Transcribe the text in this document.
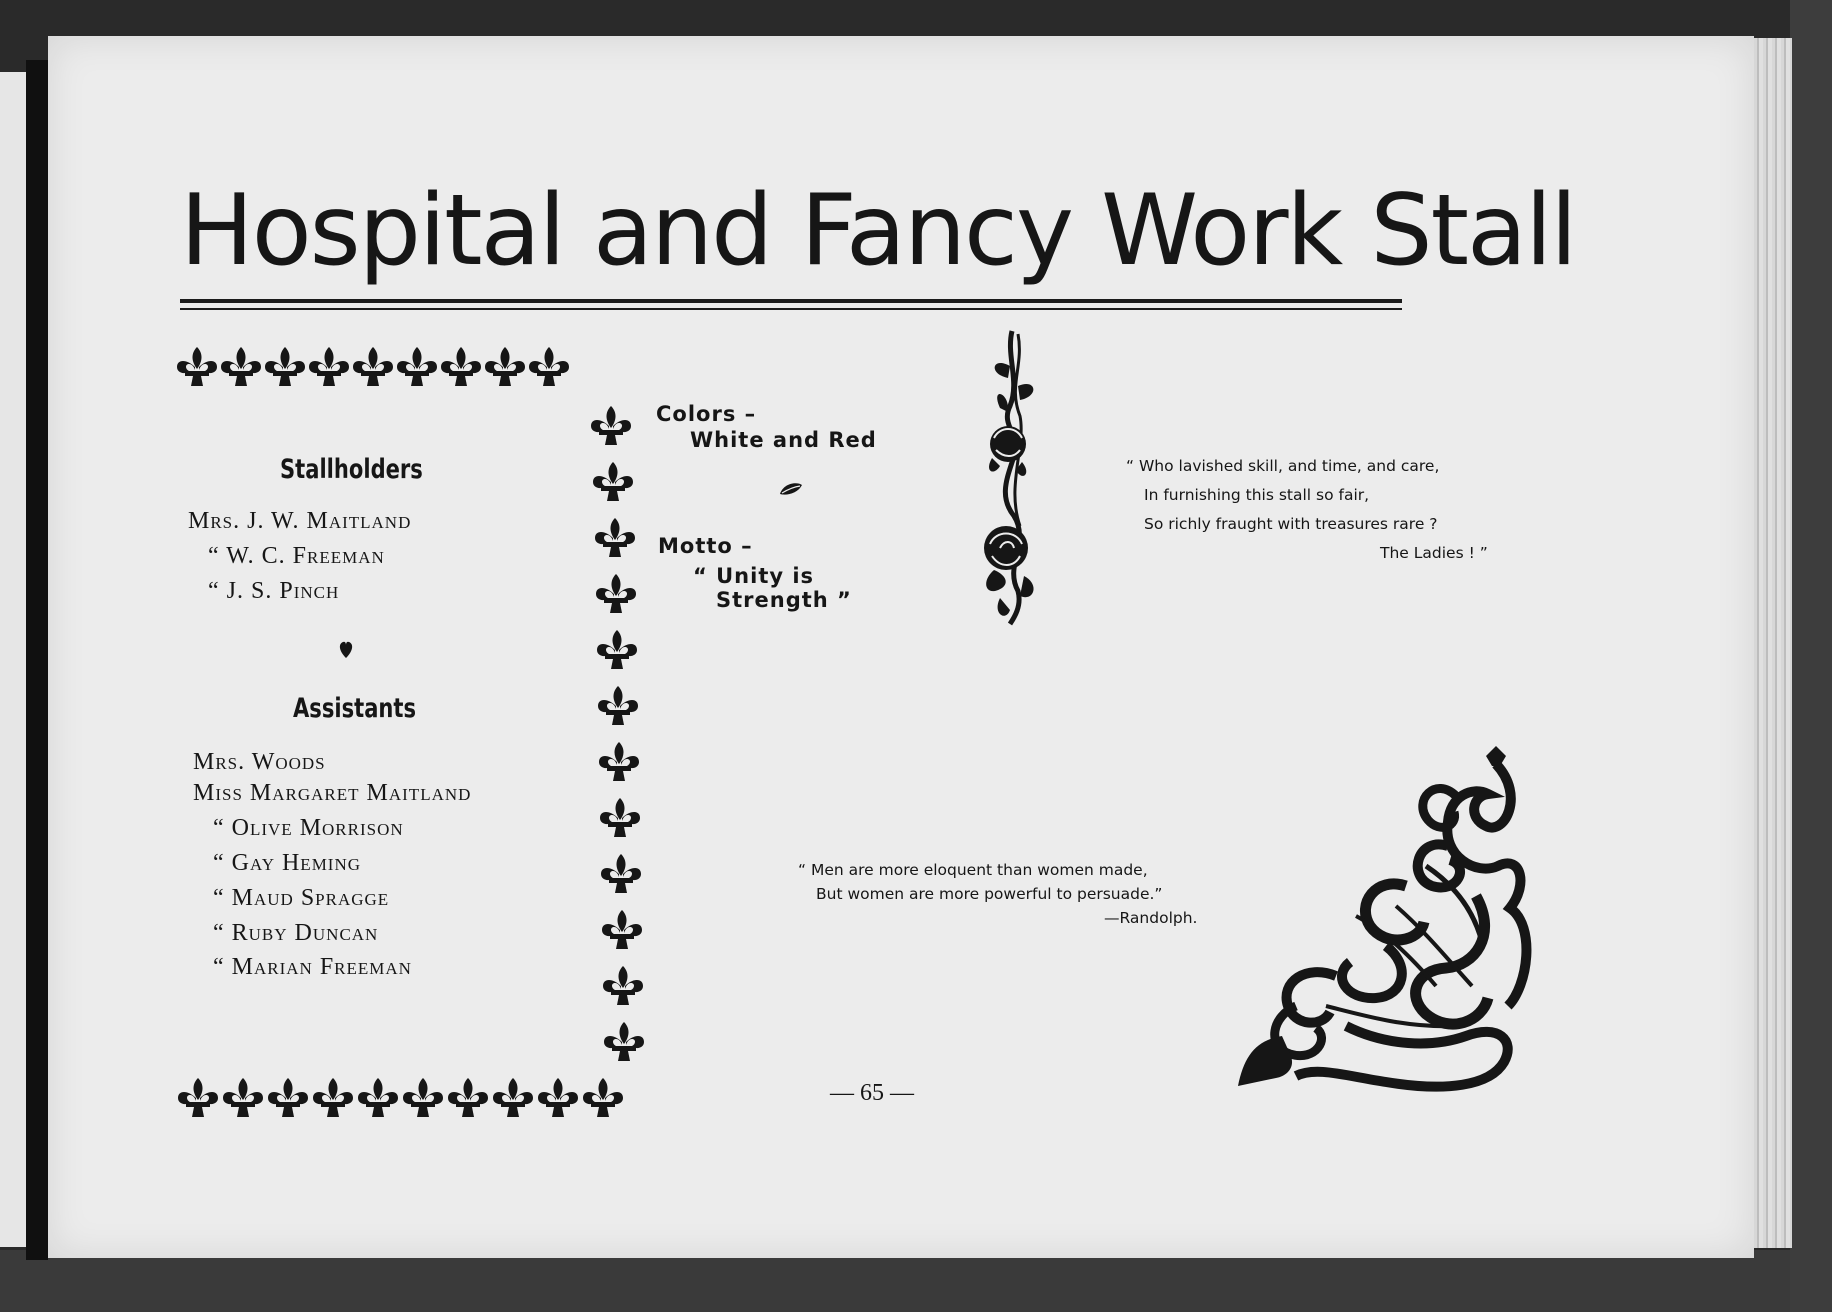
Hospital and Fancy Work Stall
Stallholders
Mrs. J. W. Maitland
“ W. C. Freeman
“ J. S. Pinch
Assistants
Mrs. Woods
Miss Margaret Maitland
“ Olive Morrison
“ Gay Heming
“ Maud Spragge
“ Ruby Duncan
“ Marian Freeman
Colors –
White and Red
Motto –
“ Unity is
Strength ”
“ Who lavished skill, and time, and care,
In furnishing this stall so fair,
So richly fraught with treasures rare ?
The Ladies ! ”
“ Men are more eloquent than women made,
But women are more powerful to persuade.”
—Randolph.
— 65 —
